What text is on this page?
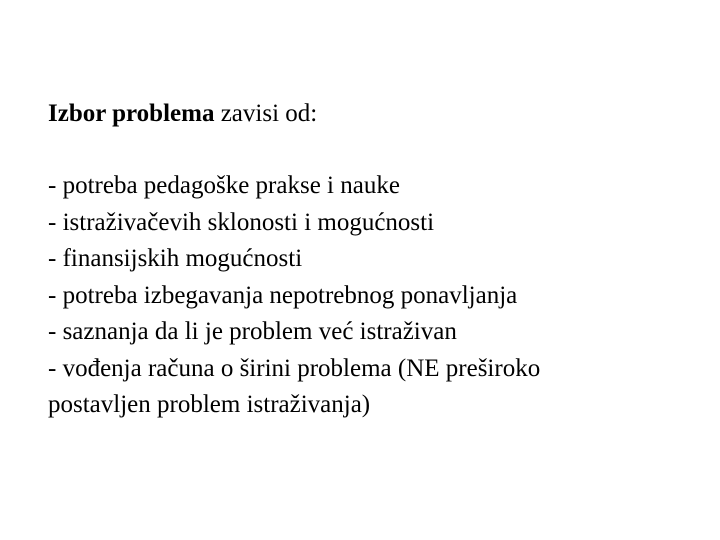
Izbor problema zavisi od:
- potreba pedagoške prakse i nauke
- istraživačevih sklonosti i mogućnosti
- finansijskih mogućnosti
- potreba izbegavanja nepotrebnog ponavljanja
- saznanja da li je problem već istraživan
- vođenja računa o širini problema (NE preširoko
postavljen problem istraživanja)
